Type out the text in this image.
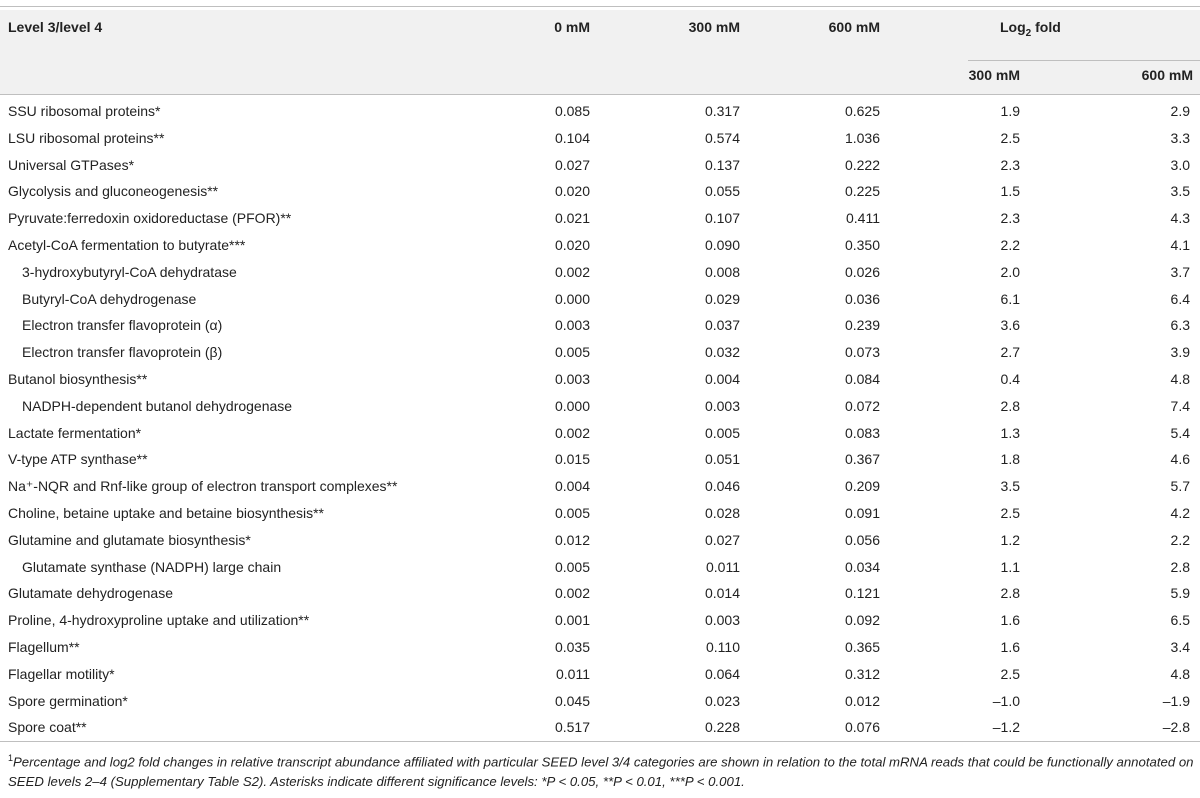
Level 3/level 4	0 mM	300 mM	600 mM	Log$_2$ fold
300 mM	600 mM
SSU ribosomal proteins*	0.085	0.317	0.625	1.9	2.9
LSU ribosomal proteins**	0.104	0.574	1.036	2.5	3.3
Universal GTPases*	0.027	0.137	0.222	2.3	3.0
Glycolysis and gluconeogenesis**	0.020	0.055	0.225	1.5	3.5
Pyruvate:ferredoxin oxidoreductase (PFOR)**	0.021	0.107	0.411	2.3	4.3
Acetyl-CoA fermentation to butyrate***	0.020	0.090	0.350	2.2	4.1
3-hydroxybutyryl-CoA dehydratase	0.002	0.008	0.026	2.0	3.7
Butyryl-CoA dehydrogenase	0.000	0.029	0.036	6.1	6.4
Electron transfer flavoprotein (α)	0.003	0.037	0.239	3.6	6.3
Electron transfer flavoprotein (β)	0.005	0.032	0.073	2.7	3.9
Butanol biosynthesis**	0.003	0.004	0.084	0.4	4.8
NADPH-dependent butanol dehydrogenase	0.000	0.003	0.072	2.8	7.4
Lactate fermentation*	0.002	0.005	0.083	1.3	5.4
V-type ATP synthase**	0.015	0.051	0.367	1.8	4.6
Na⁺-NQR and Rnf-like group of electron transport complexes**	0.004	0.046	0.209	3.5	5.7
Choline, betaine uptake and betaine biosynthesis**	0.005	0.028	0.091	2.5	4.2
Glutamine and glutamate biosynthesis*	0.012	0.027	0.056	1.2	2.2
Glutamate synthase (NADPH) large chain	0.005	0.011	0.034	1.1	2.8
Glutamate dehydrogenase	0.002	0.014	0.121	2.8	5.9
Proline, 4-hydroxyproline uptake and utilization**	0.001	0.003	0.092	1.6	6.5
Flagellum**	0.035	0.110	0.365	1.6	3.4
Flagellar motility*	0.011	0.064	0.312	2.5	4.8
Spore germination*	0.045	0.023	0.012	–1.0	–1.9
Spore coat**	0.517	0.228	0.076	–1.2	–2.8
$^1$Percentage and log2 fold changes in relative transcript abundance affiliated with particular SEED level 3/4 categories are shown in relation to the total mRNA reads that could be functionally annotated on SEED levels 2–4 (Supplementary Table S2). Asterisks indicate different significance levels: *P < 0.05, **P < 0.01, ***P < 0.001.
